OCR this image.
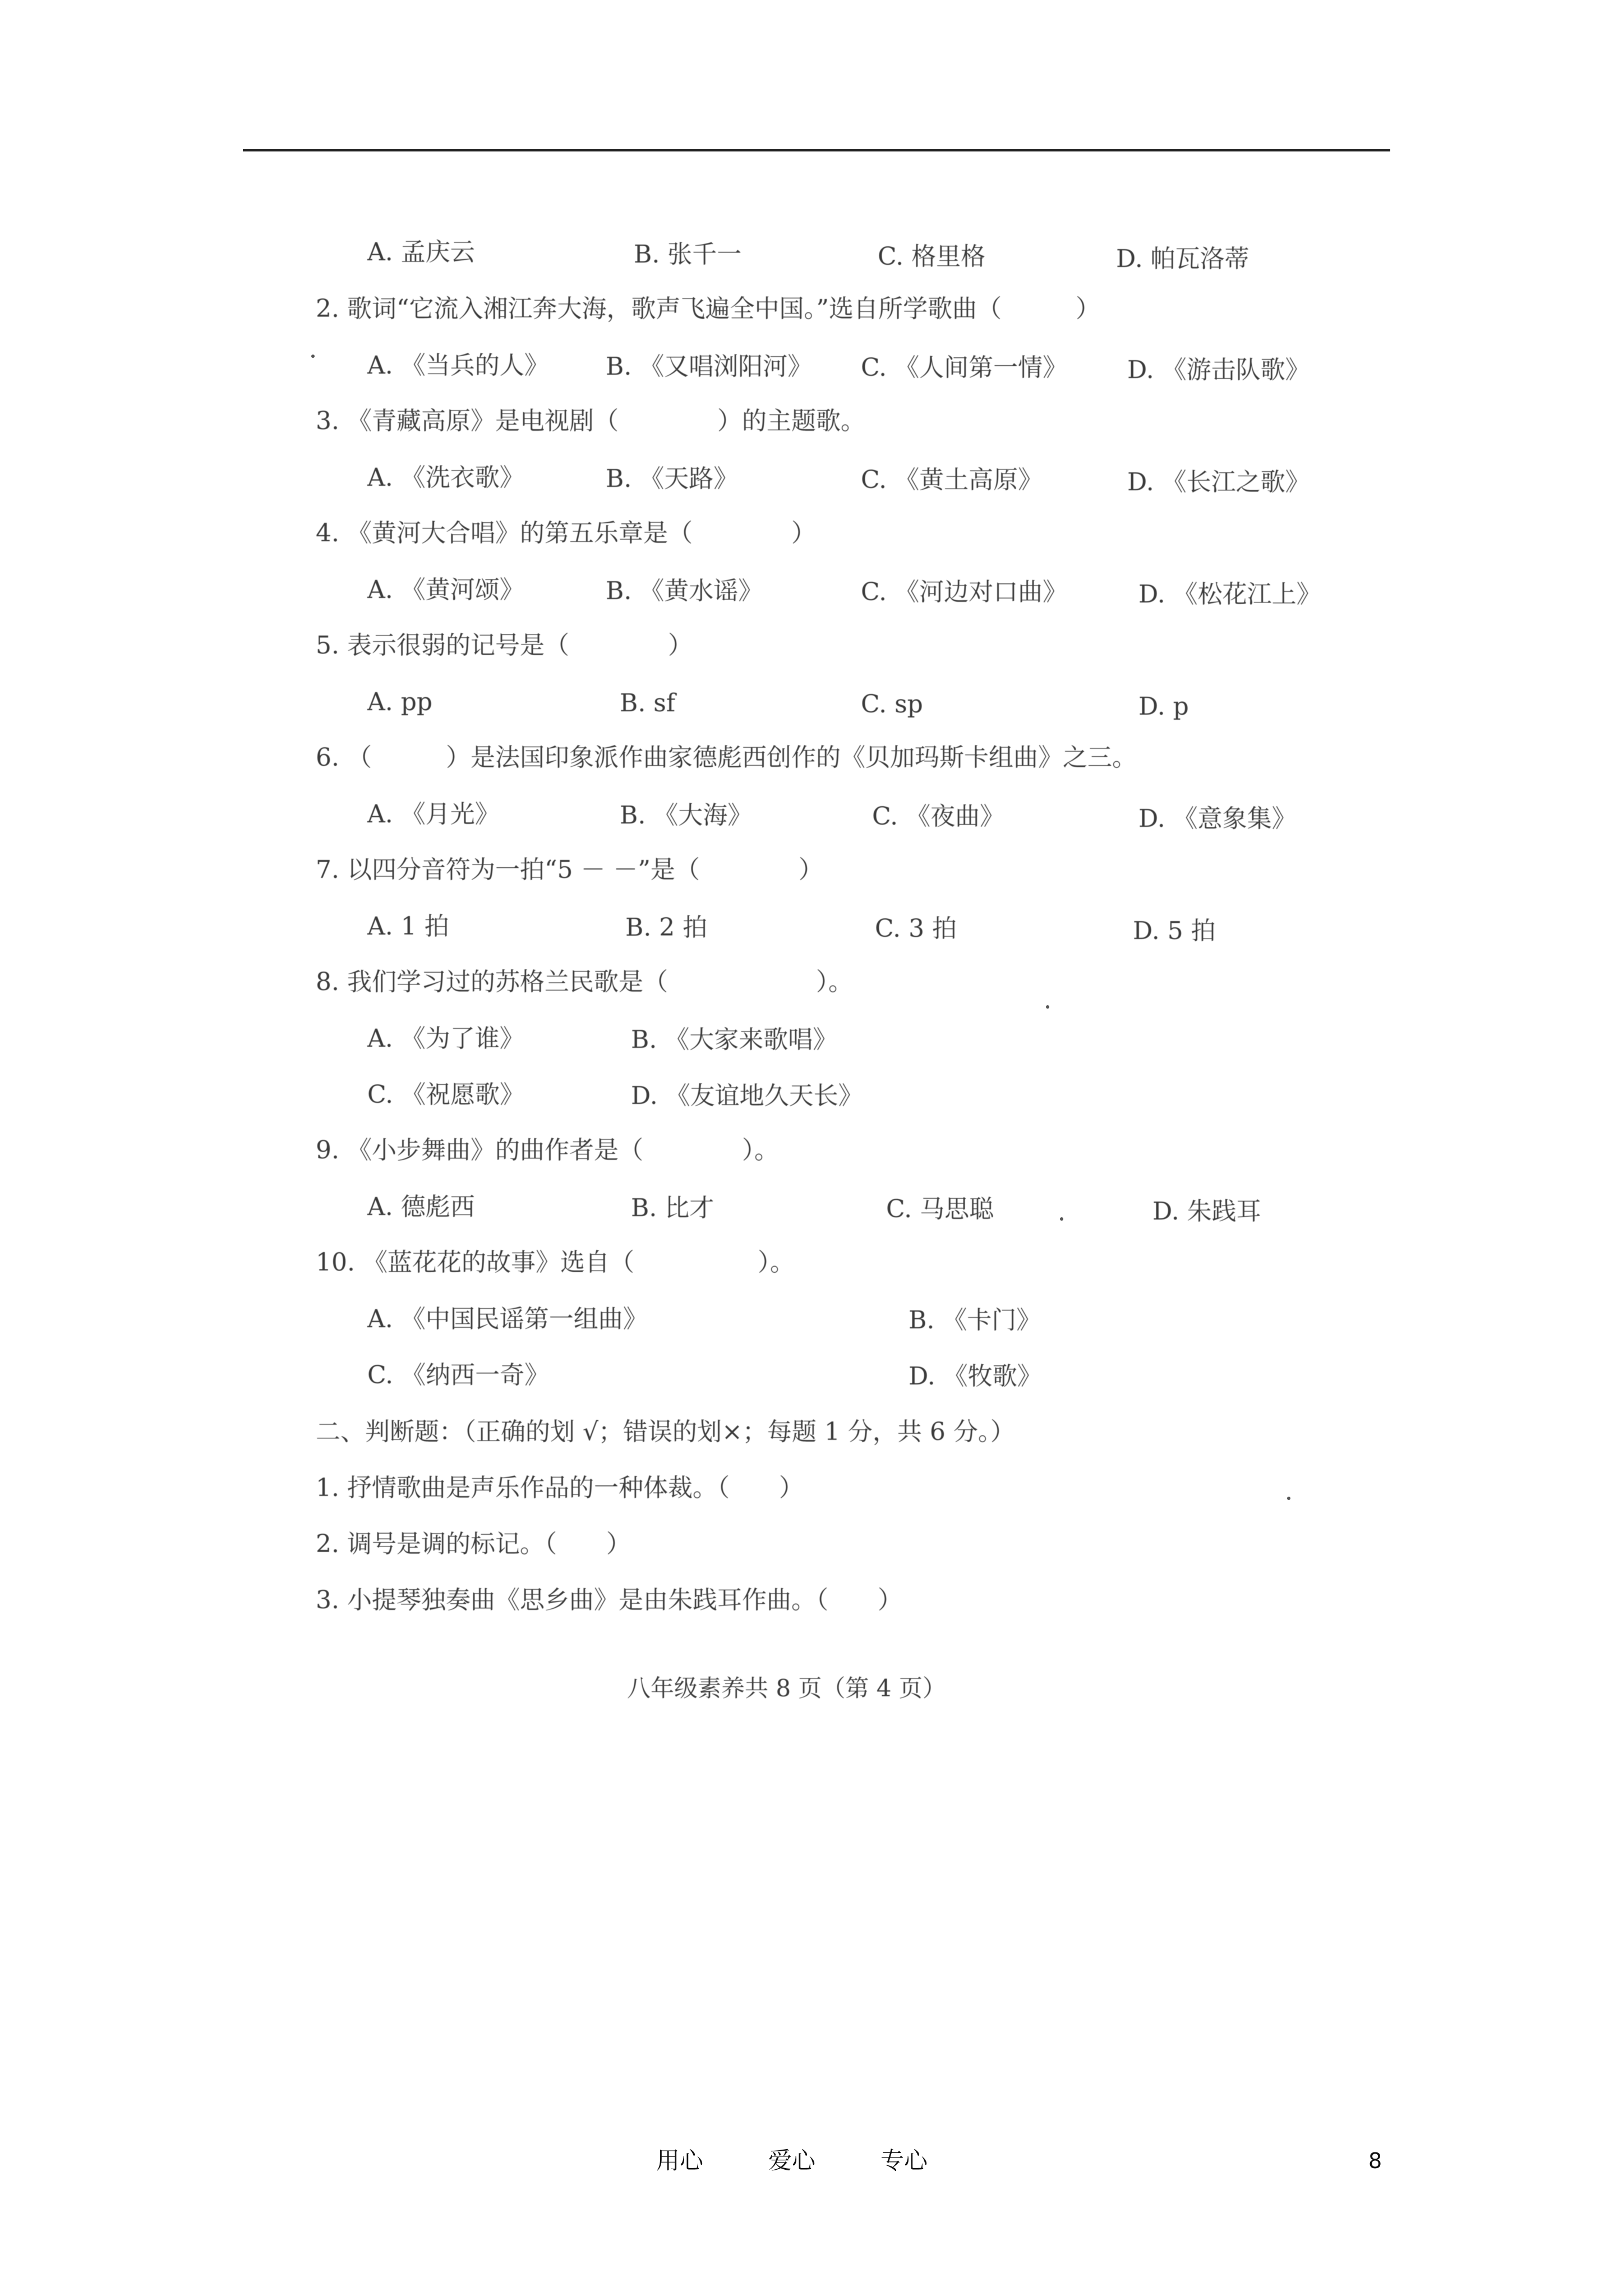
A. 孟庆云	B. 张千一	C. 格里格	D. 帕瓦洛蒂
2. 歌词“它流入湘江奔大海，歌声飞遍全中国。”选自所学歌曲（　　　）
A. 《当兵的人》 B. 《又唱浏阳河》 C. 《人间第一情》 D. 《游击队歌》
3. 《青藏高原》是电视剧（　　　　）的主题歌。
A. 《洗衣歌》	B. 《天路》	C. 《黄土高原》	D. 《长江之歌》
4. 《黄河大合唱》的第五乐章是（　　　　）
A. 《黄河颂》	B. 《黄水谣》	C. 《河边对口曲》	D. 《松花江上》
5. 表示很弱的记号是（　　　　）
A. pp	B. sf	C. sp	D. p
6. （　　　）是法国印象派作曲家德彪西创作的《贝加玛斯卡组曲》之三。
A. 《月光》	B. 《大海》	C. 《夜曲》	D. 《意象集》
7. 以四分音符为一拍“5 － －”是（　　　　）
A. 1 拍	B. 2 拍	C. 3 拍	D. 5 拍
8. 我们学习过的苏格兰民歌是（　　　　　　）。
A. 《为了谁》	B. 《大家来歌唱》
C. 《祝愿歌》	D. 《友谊地久天长》
9. 《小步舞曲》的曲作者是（　　　　）。
A. 德彪西	B. 比才	C. 马思聪	D. 朱践耳
10. 《蓝花花的故事》选自（　　　　　）。
A. 《中国民谣第一组曲》	B. 《卡门》
C. 《纳西一奇》	D. 《牧歌》
二、判断题：（正确的划 √；错误的划×；每题 1 分，共 6 分。）
1. 抒情歌曲是声乐作品的一种体裁。（　　）
2. 调号是调的标记。（　　）
3. 小提琴独奏曲《思乡曲》是由朱践耳作曲。（　　）
八年级素养共 8 页（第 4 页）
用心	爱心	专心	8
